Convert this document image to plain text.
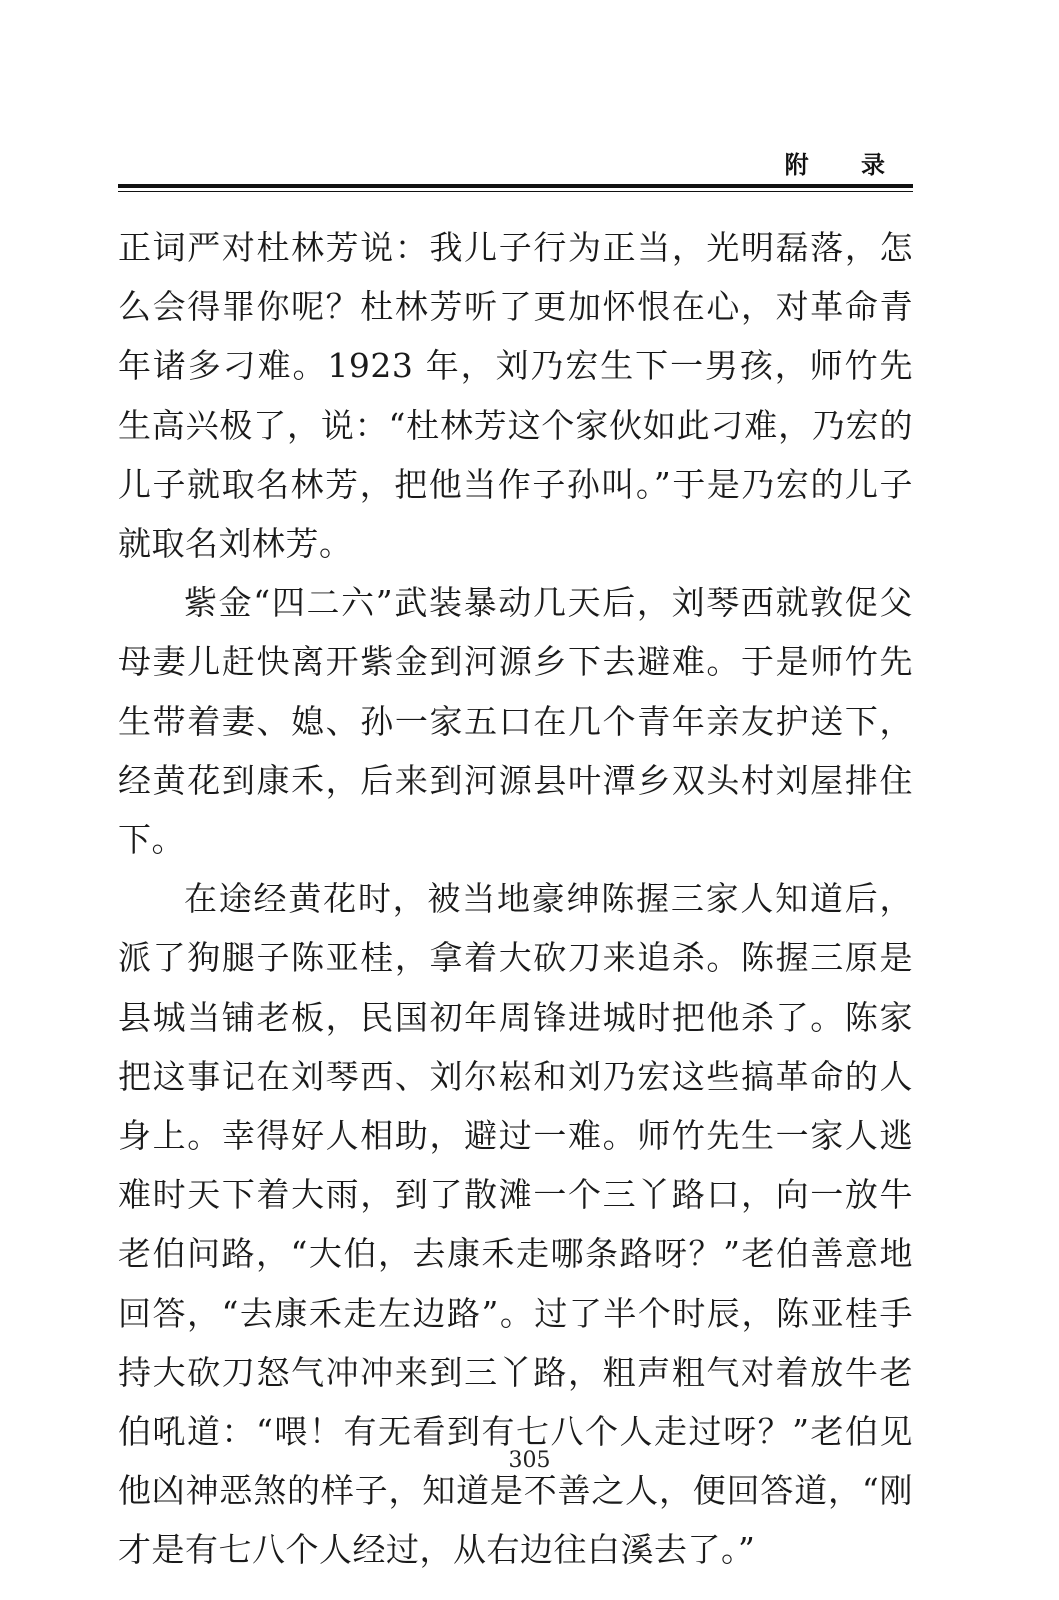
附 录

正词严对杜林芳说：我儿子行为正当，光明磊落，怎么会得罪你呢？杜林芳听了更加怀恨在心，对革命青年诸多刁难。1923 年，刘乃宏生下一男孩，师竹先生高兴极了，说：“杜林芳这个家伙如此刁难，乃宏的儿子就取名林芳，把他当作子孙叫。”于是乃宏的儿子就取名刘林芳。

紫金“四二六”武装暴动几天后，刘琴西就敦促父母妻儿赶快离开紫金到河源乡下去避难。于是师竹先生带着妻、媳、孙一家五口在几个青年亲友护送下，经黄花到康禾，后来到河源县叶潭乡双头村刘屋排住下。

在途经黄花时，被当地豪绅陈握三家人知道后，派了狗腿子陈亚桂，拿着大砍刀来追杀。陈握三原是县城当铺老板，民国初年周锋进城时把他杀了。陈家把这事记在刘琴西、刘尔崧和刘乃宏这些搞革命的人身上。幸得好人相助，避过一难。师竹先生一家人逃难时天下着大雨，到了散滩一个三丫路口，向一放牛老伯问路，“大伯，去康禾走哪条路呀？”老伯善意地回答，“去康禾走左边路”。过了半个时辰，陈亚桂手持大砍刀怒气冲冲来到三丫路，粗声粗气对着放牛老伯吼道：“喂！有无看到有七八个人走过呀？”老伯见他凶神恶煞的样子，知道是不善之人，便回答道，“刚才是有七八个人经过，从右边往白溪去了。”

305
